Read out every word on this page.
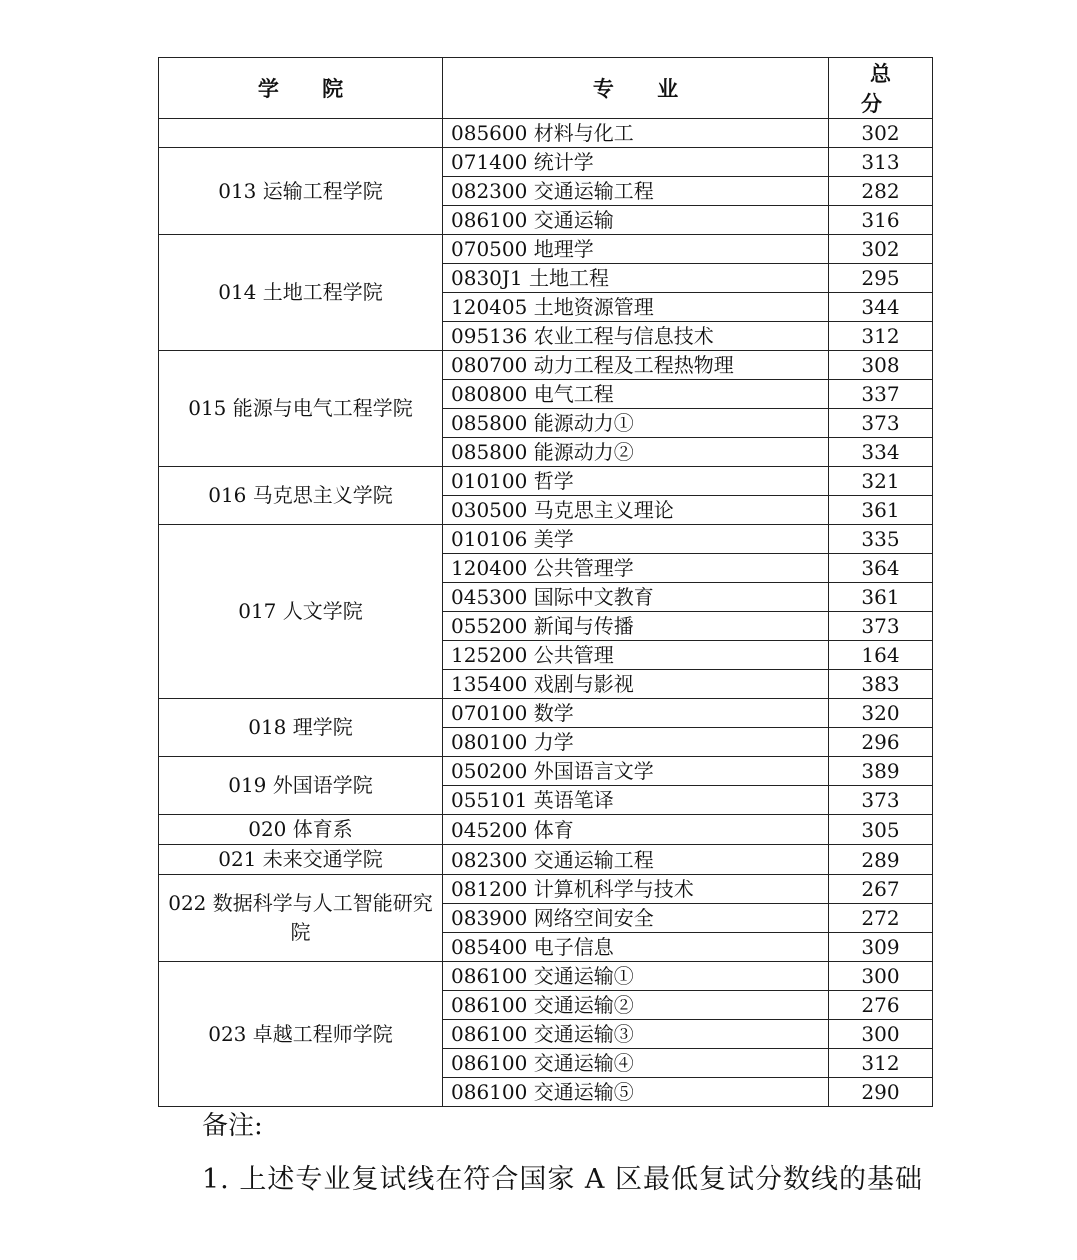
学 院	专 业	总 分
	085600 材料与化工	302
013 运输工程学院	071400 统计学	313
	082300 交通运输工程	282
	086100 交通运输	316
014 土地工程学院	070500 地理学	302
	0830J1 土地工程	295
	120405 土地资源管理	344
	095136 农业工程与信息技术	312
015 能源与电气工程学院	080700 动力工程及工程热物理	308
	080800 电气工程	337
	085800 能源动力①	373
	085800 能源动力②	334
016 马克思主义学院	010100 哲学	321
	030500 马克思主义理论	361
017 人文学院	010106 美学	335
	120400 公共管理学	364
	045300 国际中文教育	361
	055200 新闻与传播	373
	125200 公共管理	164
	135400 戏剧与影视	383
018 理学院	070100 数学	320
	080100 力学	296
019 外国语学院	050200 外国语言文学	389
	055101 英语笔译	373
020 体育系	045200 体育	305
021 未来交通学院	082300 交通运输工程	289
022 数据科学与人工智能研究院	081200 计算机科学与技术	267
	083900 网络空间安全	272
	085400 电子信息	309
023 卓越工程师学院	086100 交通运输①	300
	086100 交通运输②	276
	086100 交通运输③	300
	086100 交通运输④	312
	086100 交通运输⑤	290
备注:
1. 上述专业复试线在符合国家 A 区最低复试分数线的基础
